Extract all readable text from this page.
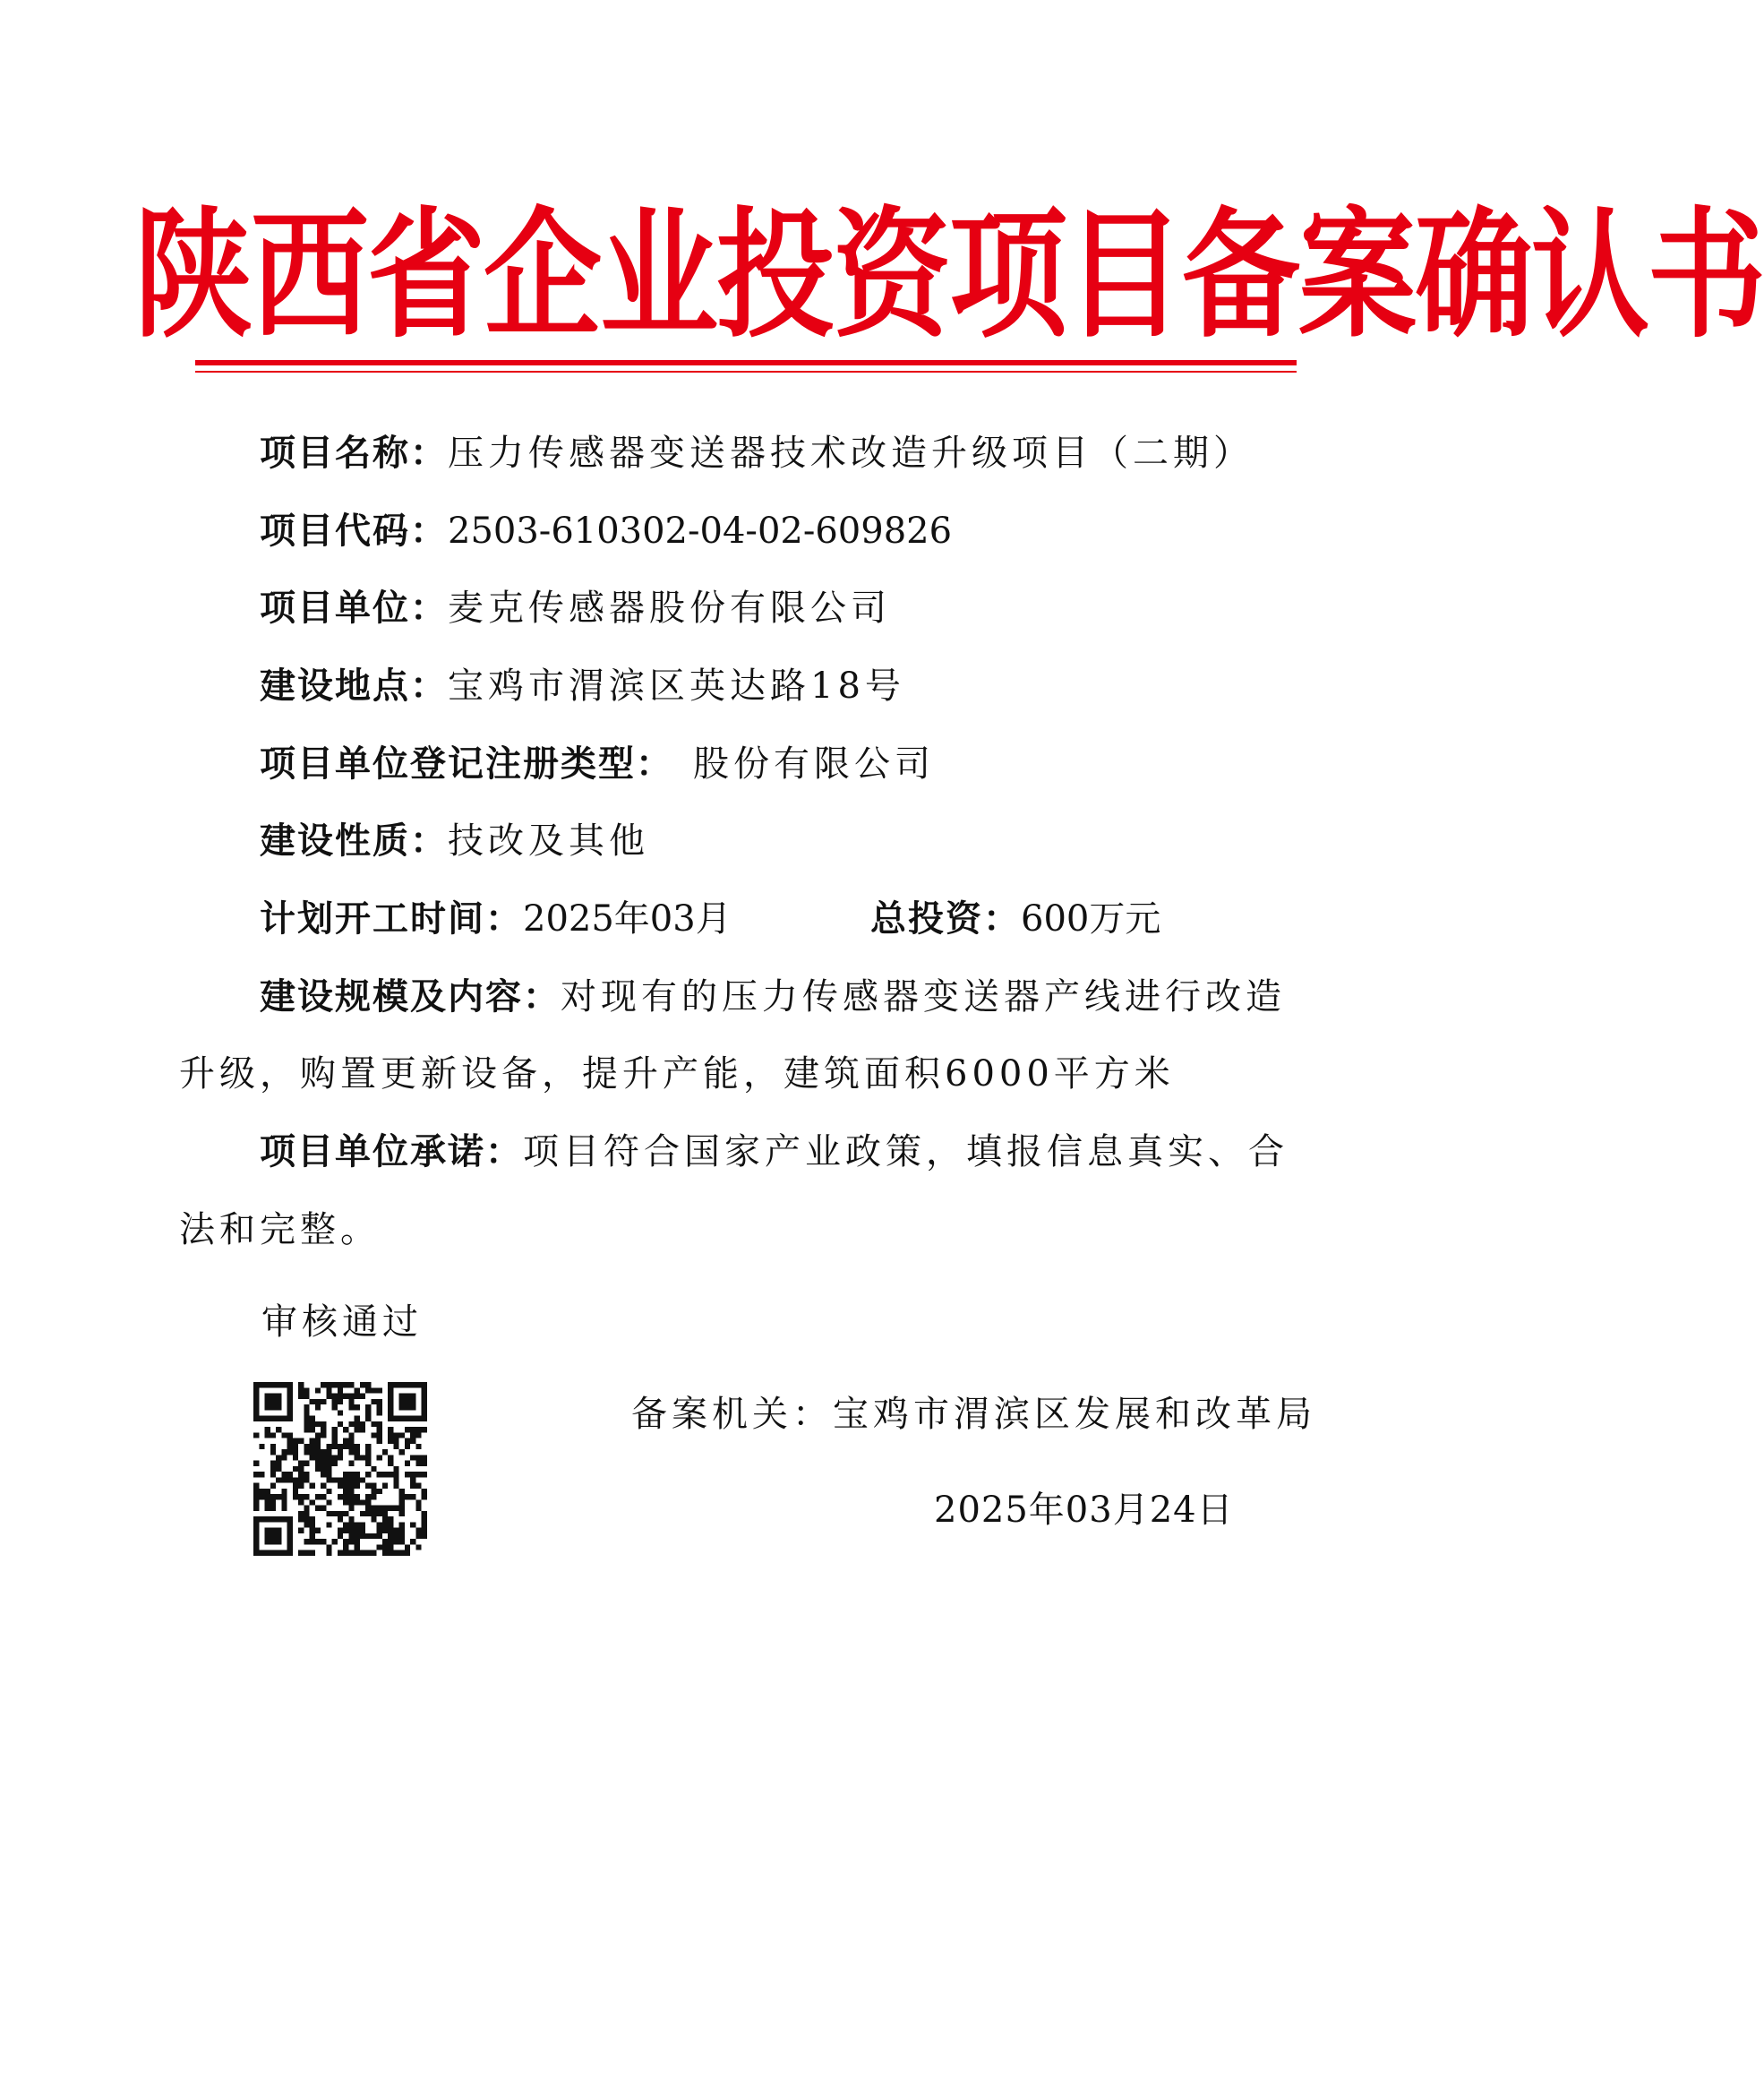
陕西省企业投资项目备案确认书
项目名称：压力传感器变送器技术改造升级项目（二期）
项目代码：2503-610302-04-02-609826
项目单位：麦克传感器股份有限公司
建设地点：宝鸡市渭滨区英达路18号
项目单位登记注册类型： 股份有限公司
建设性质：技改及其他
计划开工时间：2025年03月	总投资：600万元
建设规模及内容：对现有的压力传感器变送器产线进行改造
升级，购置更新设备，提升产能，建筑面积6000平方米
项目单位承诺：项目符合国家产业政策，填报信息真实、合
法和完整。
审核通过
备案机关：宝鸡市渭滨区发展和改革局
2025年03月24日
